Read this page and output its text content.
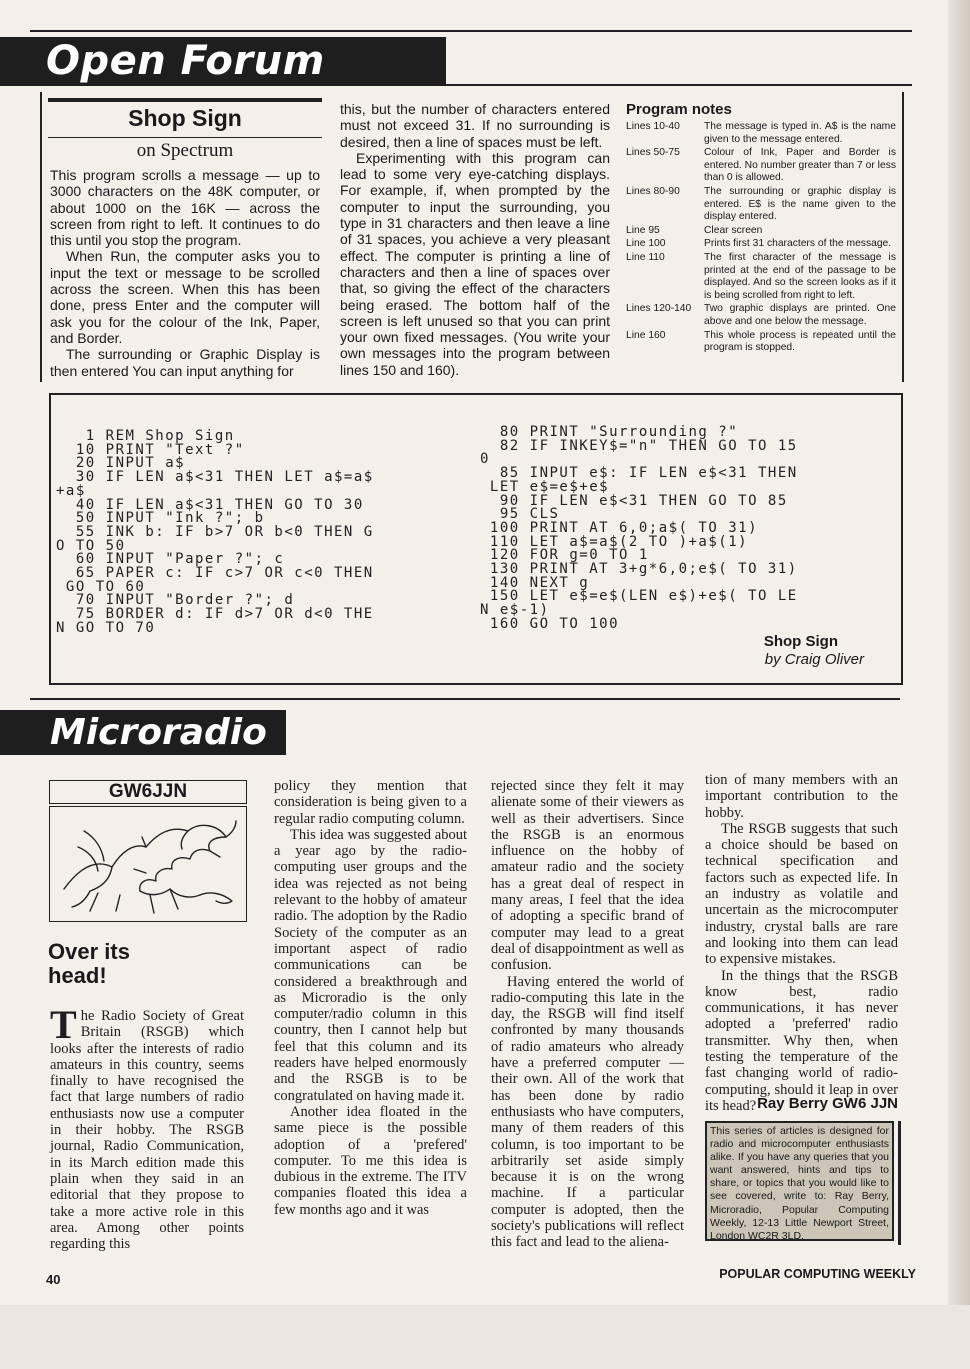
Open Forum
Shop Sign
on Spectrum

This program scrolls a message — up to 3000 characters on the 48K computer, or about 1000 on the 16K — across the screen from right to left. It continues to do this until you stop the program.

When Run, the computer asks you to input the text or message to be scrolled across the screen. When this has been done, press Enter and the computer will ask you for the colour of the Ink, Paper, and Border.

The surrounding or Graphic Display is then entered You can input anything for

this, but the number of characters entered must not exceed 31. If no surrounding is desired, then a line of spaces must be left.

Experimenting with this program can lead to some very eye-catching displays. For example, if, when prompted by the computer to input the surrounding, you type in 31 characters and then leave a line of 31 spaces, you achieve a very pleasant effect. The computer is printing a line of characters and then a line of spaces over that, so giving the effect of the characters being erased. The bottom half of the screen is left unused so that you can print your own fixed messages. (You write your own messages into the program between lines 150 and 160).

Program notes
Lines 10-40	The message is typed in. A$ is the name given to the message entered.
Lines 50-75	Colour of Ink, Paper and Border is entered. No number greater than 7 or less than 0 is allowed.
Lines 80-90	The surrounding or graphic display is entered. E$ is the name given to the display entered.
Line 95	Clear screen
Line 100	Prints first 31 characters of the message.
Line 110	The first character of the message is printed at the end of the passage to be displayed. And so the screen looks as if it is being scrolled from right to left.
Lines 120-140	Two graphic displays are printed. One above and one below the message.
Line 160	This whole process is repeated until the program is stopped.
1 REM Shop Sign
10 PRINT "Text ?"
20 INPUT a$
30 IF LEN a$<31 THEN LET a$=a$
+a$
40 IF LEN a$<31 THEN GO TO 30
50 INPUT "Ink ?"; b
55 INK b: IF b>7 OR b<0 THEN G
O TO 50
60 INPUT "Paper ?"; c
65 PAPER c: IF c>7 OR c<0 THEN
GO TO 60
70 INPUT "Border ?"; d
75 BORDER d: IF d>7 OR d<0 THE
N GO TO 70
80 PRINT "Surrounding ?"
82 IF INKEY$="n" THEN GO TO 15
0
85 INPUT e$: IF LEN e$<31 THEN
LET e$=e$+e$
90 IF LEN e$<31 THEN GO TO 85
95 CLS
100 PRINT AT 6,0;a$( TO 31)
110 LET a$=a$(2 TO )+a$(1)
120 FOR g=0 TO 1
130 PRINT AT 3+g*6,0;e$( TO 31)
140 NEXT g
150 LET e$=e$(LEN e$)+e$( TO LE
N e$-1)
160 GO TO 100
Shop Sign
by Craig Oliver
Microradio
GW6JJN
Over its head!

The Radio Society of Great Britain (RSGB) which looks after the interests of radio amateurs in this country, seems finally to have recognised the fact that large numbers of radio enthusiasts now use a computer in their hobby. The RSGB journal, Radio Communication, in its March edition made this plain when they said in an editorial that they propose to take a more active role in this area. Among other points regarding this

policy they mention that consideration is being given to a regular radio computing column.

This idea was suggested about a year ago by the radio-computing user groups and the idea was rejected as not being relevant to the hobby of amateur radio. The adoption by the Radio Society of the computer as an important aspect of radio communications can be considered a breakthrough and as Microradio is the only computer/radio column in this country, then I cannot help but feel that this column and its readers have helped enormously and the RSGB is to be congratulated on having made it.

Another idea floated in the same piece is the possible adoption of a 'prefered' computer. To me this idea is dubious in the extreme. The ITV companies floated this idea a few months ago and it was

rejected since they felt it may alienate some of their viewers as well as their advertisers. Since the RSGB is an enormous influence on the hobby of amateur radio and the society has a great deal of respect in many areas, I feel that the idea of adopting a specific brand of computer may lead to a great deal of disappointment as well as confusion.

Having entered the world of radio-computing this late in the day, the RSGB will find itself confronted by many thousands of radio amateurs who already have a preferred computer — their own. All of the work that has been done by radio enthusiasts who have computers, many of them readers of this column, is too important to be arbitrarily set aside simply because it is on the wrong machine. If a particular computer is adopted, then the society's publications will reflect this fact and lead to the aliena-

tion of many members with an important contribution to the hobby.

The RSGB suggests that such a choice should be based on technical specification and factors such as expected life. In an industry as volatile and uncertain as the microcomputer industry, crystal balls are rare and looking into them can lead to expensive mistakes.

In the things that the RSGB know best, radio communications, it has never adopted a 'preferred' radio transmitter. Why then, when testing the temperature of the fast changing world of radio-computing, should it leap in over its head? Ray Berry GW6 JJN
This series of articles is designed for radio and microcomputer enthusiasts alike. If you have any queries that you want answered, hints and tips to share, or topics that you would like to see covered, write to: Ray Berry, Microradio, Popular Computing Weekly, 12-13 Little Newport Street, London WC2R 3LD.
40	POPULAR COMPUTING WEEKLY
